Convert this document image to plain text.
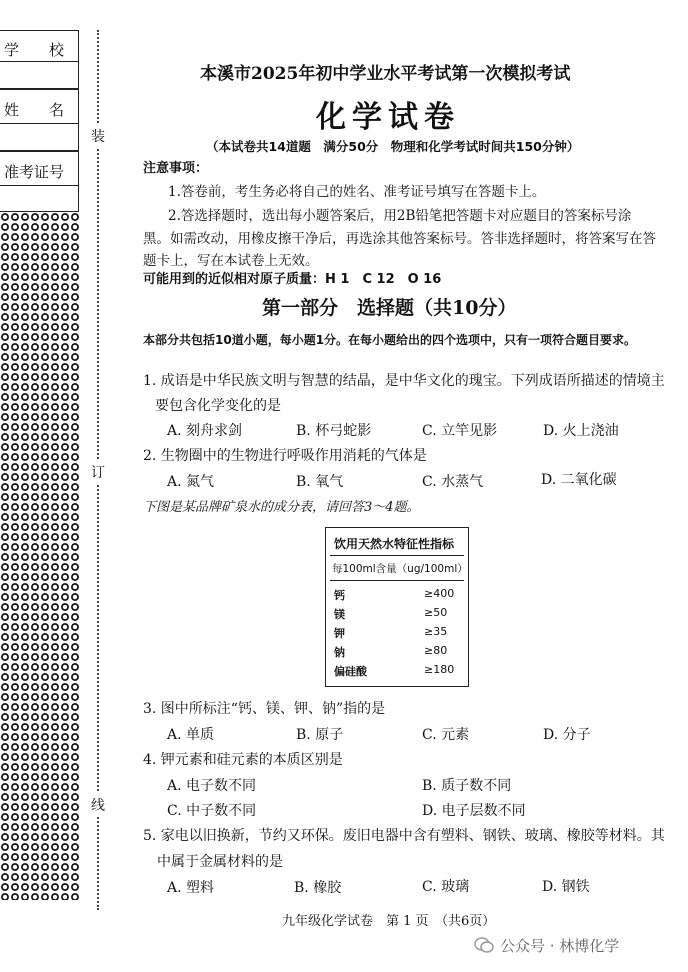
学　　校
姓　　名
准考证号
装
订
线
本溪市2025年初中学业水平考试第一次模拟考试
化学试卷
（本试卷共14道题　满分50分　物理和化学考试时间共150分钟）
注意事项：
1.答卷前，考生务必将自己的姓名、准考证号填写在答题卡上。
2.答选择题时，选出每小题答案后，用2B铅笔把答题卡对应题目的答案标号涂
黑。如需改动，用橡皮擦干净后，再选涂其他答案标号。答非选择题时，将答案写在答
题卡上，写在本试卷上无效。
可能用到的近似相对原子质量：H 1　C 12　O 16
第一部分　选择题（共10分）
本部分共包括10道小题，每小题1分。在每小题给出的四个选项中，只有一项符合题目要求。
1. 成语是中华民族文明与智慧的结晶，是中华文化的瑰宝。下列成语所描述的情境主
要包含化学变化的是
A. 刻舟求剑	B. 杯弓蛇影	C. 立竿见影	D. 火上浇油
2. 生物圈中的生物进行呼吸作用消耗的气体是
A. 氮气	B. 氧气	C. 水蒸气	D. 二氧化碳
下图是某品牌矿泉水的成分表，请回答3～4题。
饮用天然水特征性指标
每100ml含量（ug/100ml）
钙	≥400
镁	≥50
钾	≥35
钠	≥80
偏硅酸	≥180
3. 图中所标注“钙、镁、钾、钠”指的是
A. 单质	B. 原子	C. 元素	D. 分子
4. 钾元素和硅元素的本质区别是
A. 电子数不同	B. 质子数不同
C. 中子数不同	D. 电子层数不同
5. 家电以旧换新，节约又环保。废旧电器中含有塑料、钢铁、玻璃、橡胶等材料。其
中属于金属材料的是
A. 塑料	B. 橡胶	C. 玻璃	D. 钢铁
九年级化学试卷　第 1 页　（共6页）
公众号 · 林博化学
